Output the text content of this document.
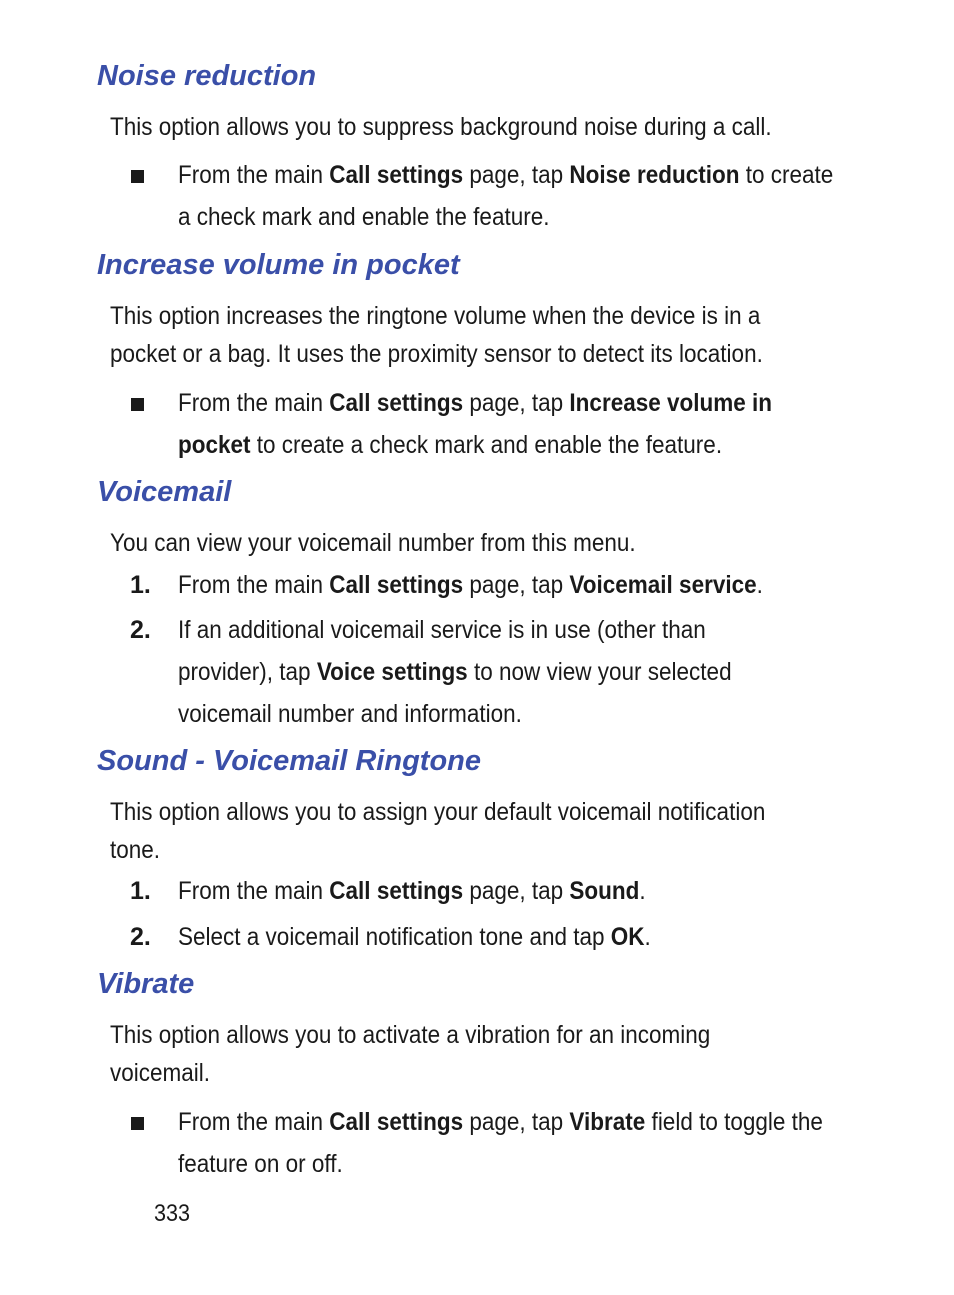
Noise reduction

This option allows you to suppress background noise during a call.

From the main Call settings page, tap Noise reduction to create

a check mark and enable the feature.

Increase volume in pocket

This option increases the ringtone volume when the device is in a

pocket or a bag. It uses the proximity sensor to detect its location.

From the main Call settings page, tap Increase volume in

pocket to create a check mark and enable the feature.

Voicemail

You can view your voicemail number from this menu.

1. From the main Call settings page, tap Voicemail service.

2. If an additional voicemail service is in use (other than

provider), tap Voice settings to now view your selected

voicemail number and information.

Sound - Voicemail Ringtone

This option allows you to assign your default voicemail notification

tone.

1. From the main Call settings page, tap Sound.

2. Select a voicemail notification tone and tap OK.

Vibrate

This option allows you to activate a vibration for an incoming

voicemail.

From the main Call settings page, tap Vibrate field to toggle the

feature on or off.

333
